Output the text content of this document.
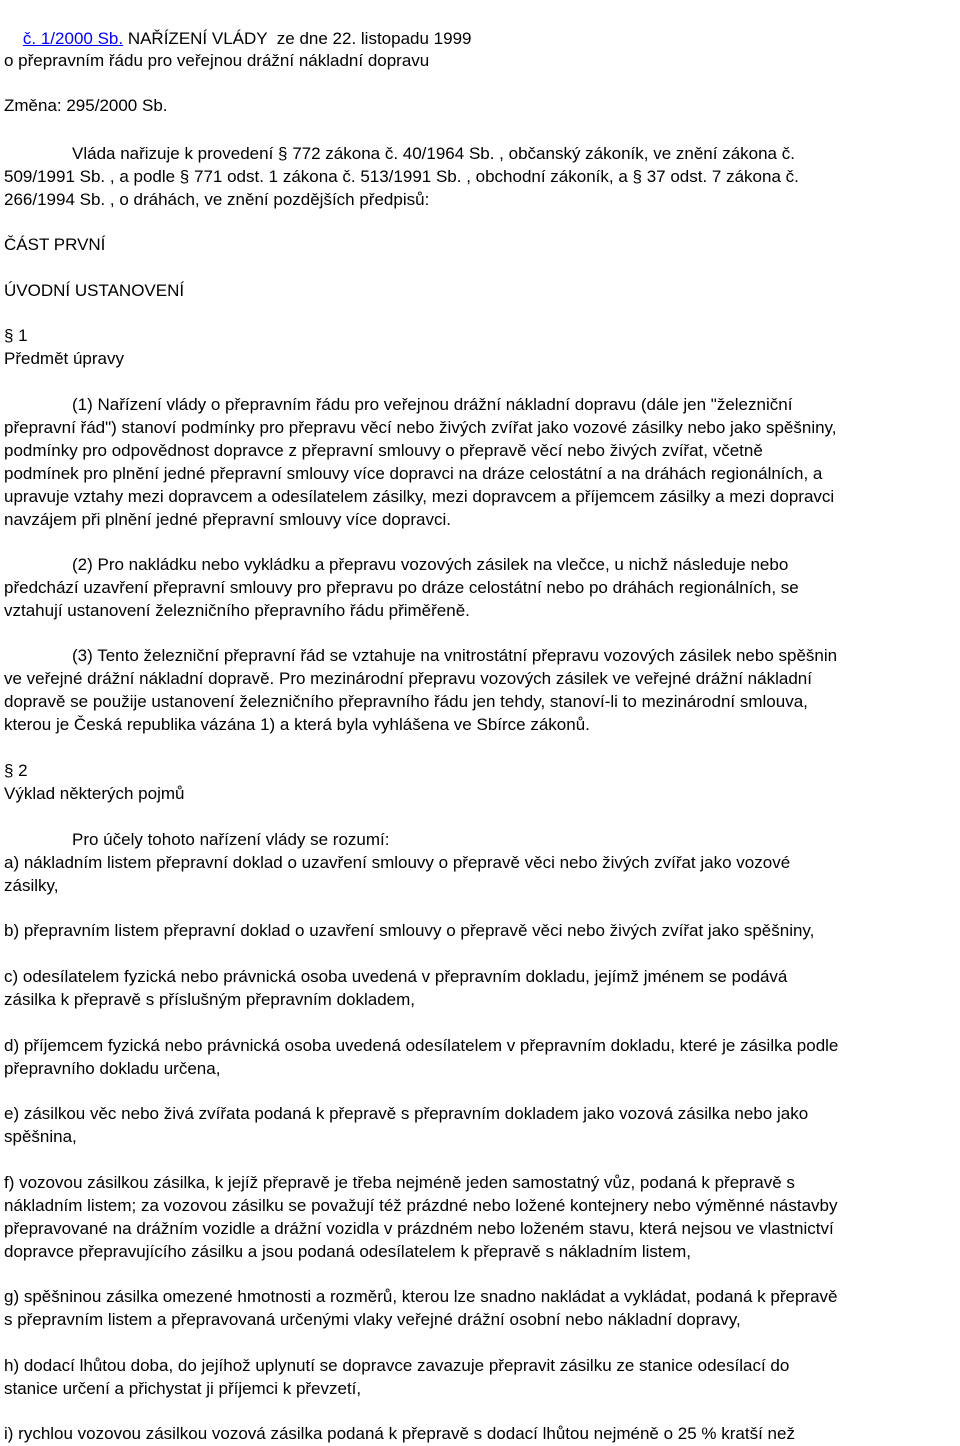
č. 1/2000 Sb. NAŘÍZENÍ VLÁDY  ze dne 22. listopadu 1999

o přepravním řádu pro veřejnou drážní nákladní dopravu
Změna: 295/2000 Sb.
Vláda nařizuje k provedení § 772 zákona č. 40/1964 Sb. , občanský zákoník, ve znění zákona č.
509/1991 Sb. , a podle § 771 odst. 1 zákona č. 513/1991 Sb. , obchodní zákoník, a § 37 odst. 7 zákona č.
266/1994 Sb. , o dráhách, ve znění pozdějších předpisů:
ČÁST PRVNÍ
ÚVODNÍ USTANOVENÍ
§ 1
Předmět úpravy
(1) Nařízení vlády o přepravním řádu pro veřejnou drážní nákladní dopravu (dále jen "železniční
přepravní řád") stanoví podmínky pro přepravu věcí nebo živých zvířat jako vozové zásilky nebo jako spěšniny,
podmínky pro odpovědnost dopravce z přepravní smlouvy o přepravě věcí nebo živých zvířat, včetně
podmínek pro plnění jedné přepravní smlouvy více dopravci na dráze celostátní a na dráhách regionálních, a
upravuje vztahy mezi dopravcem a odesílatelem zásilky, mezi dopravcem a příjemcem zásilky a mezi dopravci
navzájem při plnění jedné přepravní smlouvy více dopravci.
(2) Pro nakládku nebo vykládku a přepravu vozových zásilek na vlečce, u nichž následuje nebo
předchází uzavření přepravní smlouvy pro přepravu po dráze celostátní nebo po dráhách regionálních, se
vztahují ustanovení železničního přepravního řádu přiměřeně.
(3) Tento železniční přepravní řád se vztahuje na vnitrostátní přepravu vozových zásilek nebo spěšnin
ve veřejné drážní nákladní dopravě. Pro mezinárodní přepravu vozových zásilek ve veřejné drážní nákladní
dopravě se použije ustanovení železničního přepravního řádu jen tehdy, stanoví-li to mezinárodní smlouva,
kterou je Česká republika vázána 1) a která byla vyhlášena ve Sbírce zákonů.
§ 2
Výklad některých pojmů
Pro účely tohoto nařízení vlády se rozumí:
a) nákladním listem přepravní doklad o uzavření smlouvy o přepravě věci nebo živých zvířat jako vozové
zásilky,
b) přepravním listem přepravní doklad o uzavření smlouvy o přepravě věci nebo živých zvířat jako spěšniny,
c) odesílatelem fyzická nebo právnická osoba uvedená v přepravním dokladu, jejímž jménem se podává
zásilka k přepravě s příslušným přepravním dokladem,
d) příjemcem fyzická nebo právnická osoba uvedená odesílatelem v přepravním dokladu, které je zásilka podle
přepravního dokladu určena,
e) zásilkou věc nebo živá zvířata podaná k přepravě s přepravním dokladem jako vozová zásilka nebo jako
spěšnina,
f) vozovou zásilkou zásilka, k jejíž přepravě je třeba nejméně jeden samostatný vůz, podaná k přepravě s
nákladním listem; za vozovou zásilku se považují též prázdné nebo ložené kontejnery nebo výměnné nástavby
přepravované na drážním vozidle a drážní vozidla v prázdném nebo loženém stavu, která nejsou ve vlastnictví
dopravce přepravujícího zásilku a jsou podaná odesílatelem k přepravě s nákladním listem,
g) spěšninou zásilka omezené hmotnosti a rozměrů, kterou lze snadno nakládat a vykládat, podaná k přepravě
s přepravním listem a přepravovaná určenými vlaky veřejné drážní osobní nebo nákladní dopravy,
h) dodací lhůtou doba, do jejíhož uplynutí se dopravce zavazuje přepravit zásilku ze stanice odesílací do
stanice určení a přichystat ji příjemci k převzetí,
i) rychlou vozovou zásilkou vozová zásilka podaná k přepravě s dodací lhůtou nejméně o 25 % kratší než
